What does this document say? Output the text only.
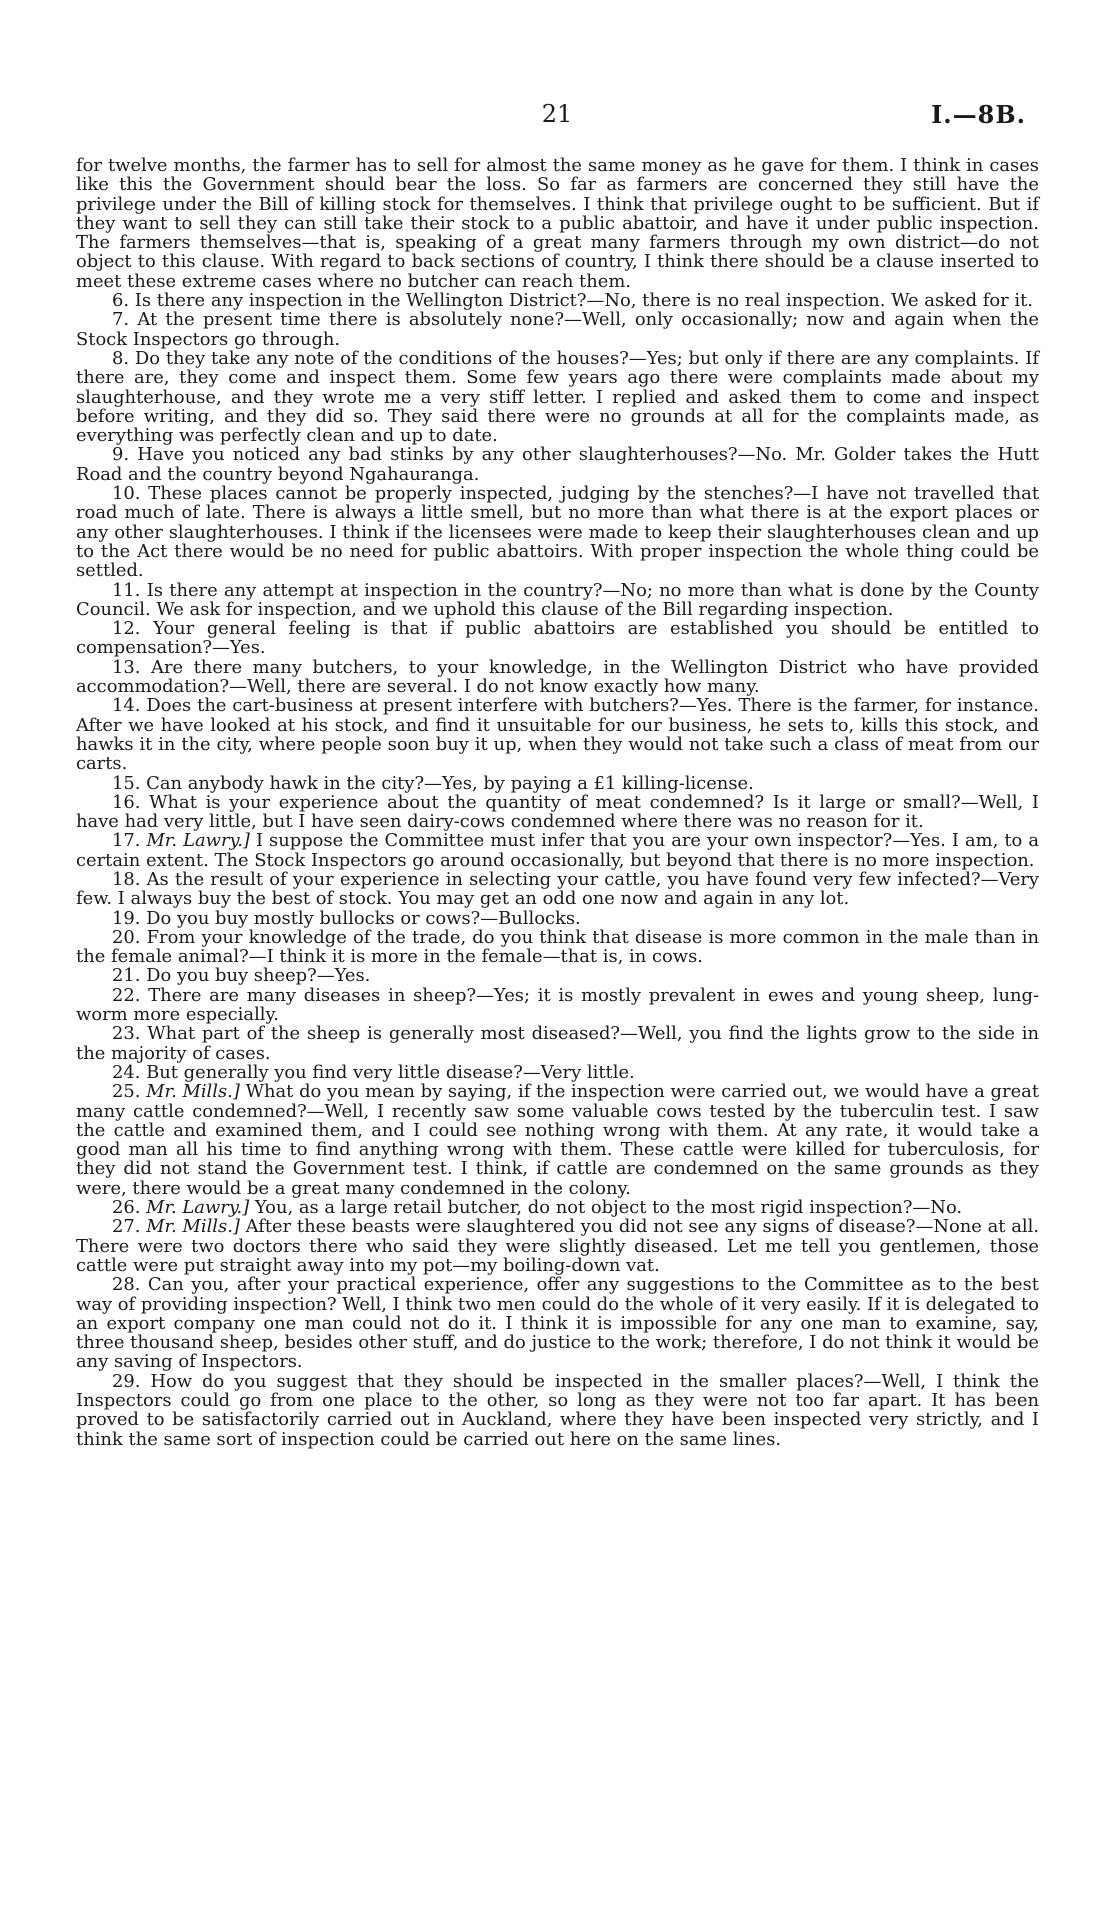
21	I.—8B.

for twelve months, the farmer has to sell for almost the same money as he gave for them. I think in cases like this the Government should bear the loss. So far as farmers are concerned they still have the privilege under the Bill of killing stock for themselves. I think that privilege ought to be sufficient. But if they want to sell they can still take their stock to a public abattoir, and have it under public inspection. The farmers themselves—that is, speaking of a great many farmers through my own district—do not object to this clause. With regard to back sections of country, I think there should be a clause inserted to meet these extreme cases where no butcher can reach them.

6. Is there any inspection in the Wellington District?—No, there is no real inspection. We asked for it.

7. At the present time there is absolutely none?—Well, only occasionally; now and again when the Stock Inspectors go through.

8. Do they take any note of the conditions of the houses?—Yes; but only if there are any complaints. If there are, they come and inspect them. Some few years ago there were complaints made about my slaughterhouse, and they wrote me a very stiff letter. I replied and asked them to come and inspect before writing, and they did so. They said there were no grounds at all for the complaints made, as everything was perfectly clean and up to date.

9. Have you noticed any bad stinks by any other slaughterhouses?—No. Mr. Golder takes the Hutt Road and the country beyond Ngahauranga.

10. These places cannot be properly inspected, judging by the stenches?—I have not travelled that road much of late. There is always a little smell, but no more than what there is at the export places or any other slaughterhouses. I think if the licensees were made to keep their slaughterhouses clean and up to the Act there would be no need for public abattoirs. With proper inspection the whole thing could be settled.

11. Is there any attempt at inspection in the country?—No; no more than what is done by the County Council. We ask for inspection, and we uphold this clause of the Bill regarding inspection.

12. Your general feeling is that if public abattoirs are established you should be entitled to compensation?—Yes.

13. Are there many butchers, to your knowledge, in the Wellington District who have provided accommodation?—Well, there are several. I do not know exactly how many.

14. Does the cart-business at present interfere with butchers?—Yes. There is the farmer, for instance. After we have looked at his stock, and find it unsuitable for our business, he sets to, kills this stock, and hawks it in the city, where people soon buy it up, when they would not take such a class of meat from our carts.

15. Can anybody hawk in the city?—Yes, by paying a £1 killing-license.

16. What is your experience about the quantity of meat condemned? Is it large or small?—Well, I have had very little, but I have seen dairy-cows condemned where there was no reason for it.

17. Mr. Lawry.] I suppose the Committee must infer that you are your own inspector?—Yes. I am, to a certain extent. The Stock Inspectors go around occasionally, but beyond that there is no more inspection.

18. As the result of your experience in selecting your cattle, you have found very few infected?—Very few. I always buy the best of stock. You may get an odd one now and again in any lot.

19. Do you buy mostly bullocks or cows?—Bullocks.

20. From your knowledge of the trade, do you think that disease is more common in the male than in the female animal?—I think it is more in the female—that is, in cows.

21. Do you buy sheep?—Yes.

22. There are many diseases in sheep?—Yes; it is mostly prevalent in ewes and young sheep, lung-worm more especially.

23. What part of the sheep is generally most diseased?—Well, you find the lights grow to the side in the majority of cases.

24. But generally you find very little disease?—Very little.

25. Mr. Mills.] What do you mean by saying, if the inspection were carried out, we would have a great many cattle condemned?—Well, I recently saw some valuable cows tested by the tuberculin test. I saw the cattle and examined them, and I could see nothing wrong with them. At any rate, it would take a good man all his time to find anything wrong with them. These cattle were killed for tuberculosis, for they did not stand the Government test. I think, if cattle are condemned on the same grounds as they were, there would be a great many condemned in the colony.

26. Mr. Lawry.] You, as a large retail butcher, do not object to the most rigid inspection?—No.

27. Mr. Mills.] After these beasts were slaughtered you did not see any signs of disease?—None at all. There were two doctors there who said they were slightly diseased. Let me tell you gentlemen, those cattle were put straight away into my pot—my boiling-down vat.

28. Can you, after your practical experience, offer any suggestions to the Committee as to the best way of providing inspection? Well, I think two men could do the whole of it very easily. If it is delegated to an export company one man could not do it. I think it is impossible for any one man to examine, say, three thousand sheep, besides other stuff, and do justice to the work; therefore, I do not think it would be any saving of Inspectors.

29. How do you suggest that they should be inspected in the smaller places?—Well, I think the Inspectors could go from one place to the other, so long as they were not too far apart. It has been proved to be satisfactorily carried out in Auckland, where they have been inspected very strictly, and I think the same sort of inspection could be carried out here on the same lines.
